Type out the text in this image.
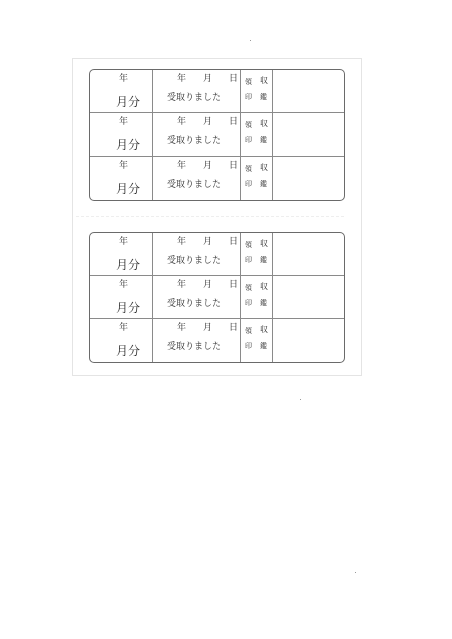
年
月分
年 月 日
受取りました
領 収
印 鑑
年
月分
年 月 日
受取りました
領 収
印 鑑
年
月分
年 月 日
受取りました
領 収
印 鑑
年
月分
年 月 日
受取りました
領 収
印 鑑
年
月分
年 月 日
受取りました
領 収
印 鑑
年
月分
年 月 日
受取りました
領 収
印 鑑
